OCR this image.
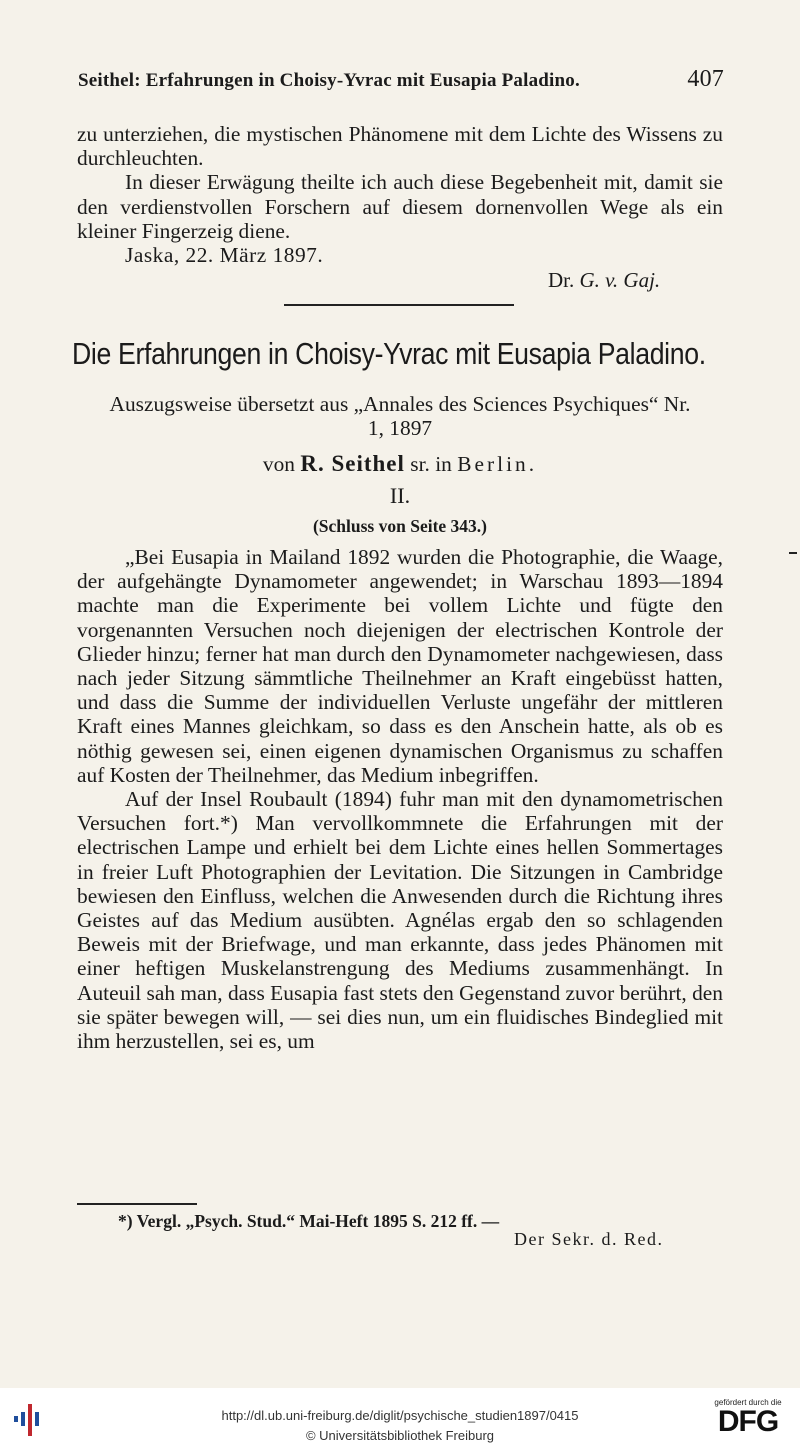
Seithel: Erfahrungen in Choisy-Yvrac mit Eusapia Paladino.	407

zu unterziehen, die mystischen Phänomene mit dem Lichte des Wissens zu durchleuchten.

In dieser Erwägung theilte ich auch diese Begebenheit mit, damit sie den verdienstvollen Forschern auf diesem dornenvollen Wege als ein kleiner Fingerzeig diene.

Jaska, 22. März 1897.

Dr. G. v. Gaj.
Die Erfahrungen in Choisy-Yvrac mit Eusapia Paladino.
Auszugsweise übersetzt aus „Annales des Sciences Psychiques“ Nr. 1, 1897
von R. Seithel sr. in Berlin.
II.
(Schluss von Seite 343.)

„Bei Eusapia in Mailand 1892 wurden die Photographie, die Waage, der aufgehängte Dynamometer angewendet; in Warschau 1893—1894 machte man die Experimente bei vollem Lichte und fügte den vorgenannten Versuchen noch diejenigen der electrischen Kontrole der Glieder hinzu; ferner hat man durch den Dynamometer nachgewiesen, dass nach jeder Sitzung sämmtliche Theilnehmer an Kraft eingebüsst hatten, und dass die Summe der individuellen Verluste ungefähr der mittleren Kraft eines Mannes gleichkam, so dass es den Anschein hatte, als ob es nöthig gewesen sei, einen eigenen dynamischen Organismus zu schaffen auf Kosten der Theilnehmer, das Medium inbegriffen.

Auf der Insel Roubault (1894) fuhr man mit den dynamometrischen Versuchen fort.*) Man vervollkommnete die Erfahrungen mit der electrischen Lampe und erhielt bei dem Lichte eines hellen Sommertages in freier Luft Photographien der Levitation. Die Sitzungen in Cambridge bewiesen den Einfluss, welchen die Anwesenden durch die Richtung ihres Geistes auf das Medium ausübten. Agnélas ergab den so schlagenden Beweis mit der Briefwage, und man erkannte, dass jedes Phänomen mit einer heftigen Muskelanstrengung des Mediums zusammenhängt. In Auteuil sah man, dass Eusapia fast stets den Gegenstand zuvor berührt, den sie später bewegen will, — sei dies nun, um ein fluidisches Bindeglied mit ihm herzustellen, sei es, um

*) Vergl. „Psych. Stud.“ Mai-Heft 1895 S. 212 ff. —
Der Sekr. d. Red.
http://dl.ub.uni-freiburg.de/diglit/psychische_studien1897/0415
© Universitätsbibliothek Freiburg
gefördert durch die
DFG
